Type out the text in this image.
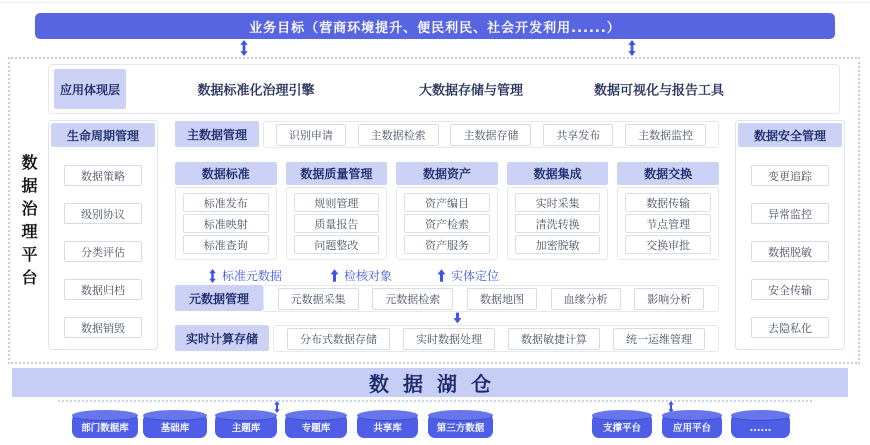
业务目标（营商环境提升、便民利民、社会开发利用......）
数据治理平台
应用体现层	数据标准化治理引擎	大数据存储与管理	数据可视化与报告工具
生命周期管理
数据策略
级别协议
分类评估
数据归档
数据销毁
数据安全管理
变更追踪
异常监控
数据脱敏
安全传输
去隐私化
主数据管理	识别申请	主数据检索	主数据存储	共享发布	主数据监控
数据标准
标准发布
标准映射
标准查询
数据质量管理
规则管理
质量报告
问题整改
数据资产
资产编目
资产检索
资产服务
数据集成
实时采集
清洗转换
加密脱敏
数据交换
数据传输
节点管理
交换审批
标准元数据	检核对象	实体定位
元数据管理	元数据采集	元数据检索	数据地图	血缘分析	影响分析
实时计算存储	分布式数据存储	实时数据处理	数据敏捷计算	统一运维管理
数据湖仓
部门数据库	基础库	主题库	专题库	共享库	第三方数据	支撑平台	应用平台	......
